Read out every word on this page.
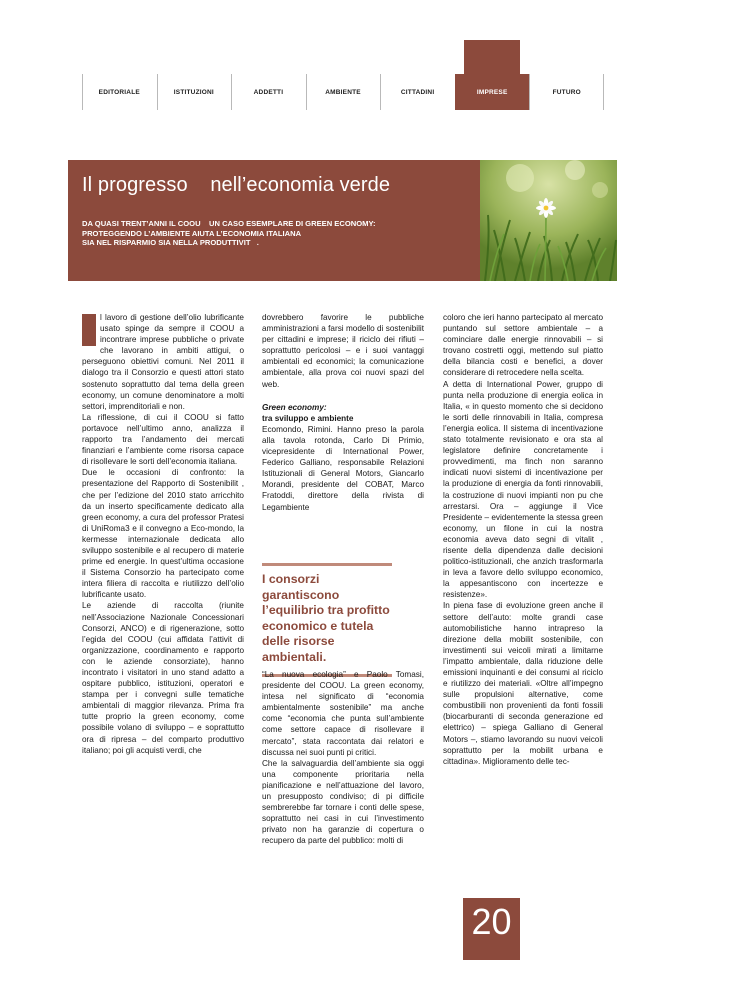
EDITORIALE	ISTITUZIONI	ADDETTI	AMBIENTE	CITTADINI	IMPRESE	FUTURO
Il progresso    nell’economia verde
DA QUASI TRENT’ANNI IL COOU    UN CASO ESEMPLARE DI GREEN ECONOMY:
PROTEGGENDO L’AMBIENTE AIUTA L’ECONOMIA ITALIANA
SIA NEL RISPARMIO SIA NELLA PRODUTTIVIT   .

l lavoro di gestione dell’olio lubrificante usato spinge da sempre il COOU a incontrare imprese pubbliche o private che lavorano in ambiti attigui, o perseguono obiettivi comuni. Nel 2011 il dialogo tra il Consorzio e questi attori stato sostenuto soprattutto dal tema della green economy, un comune denominatore a molti settori, imprenditoriali e non.

La riflessione, di cui il COOU si fatto portavoce nell’ultimo anno, analizza il rapporto tra l’andamento dei mercati finanziari e l’ambiente come risorsa capace di risollevare le sorti dell’economia italiana.

Due le occasioni di confronto: la presentazione del Rapporto di Sostenibilit , che per l’edizione del 2010 stato arricchito da un inserto specificamente dedicato alla green economy, a cura del professor Pratesi di UniRoma3 e il convegno a Eco-mondo, la kermesse internazionale dedicata allo sviluppo sostenibile e al recupero di materie prime ed energie. In quest’ultima occasione il Sistema Consorzio ha partecipato come intera filiera di raccolta e riutilizzo dell’olio lubrificante usato.

Le aziende di raccolta (riunite nell’Associazione Nazionale Concessionari Consorzi, ANCO) e di rigenerazione, sotto l’egida del COOU (cui affidata l’attivit di organizzazione, coordinamento e rapporto con le aziende consorziate), hanno incontrato i visitatori in uno stand adatto a ospitare pubblico, istituzioni, operatori e stampa per i convegni sulle tematiche ambientali di maggior rilevanza. Prima fra tutte proprio la green economy, come possibile volano di sviluppo – e soprattutto ora di ripresa – del comparto produttivo italiano; poi gli acquisti verdi, che

dovrebbero favorire le pubbliche amministrazioni a farsi modello di sostenibilit per cittadini e imprese; il riciclo dei rifiuti – soprattutto pericolosi – e i suoi vantaggi ambientali ed economici; la comunicazione ambientale, alla prova coi nuovi spazi del web.

Green economy:
tra sviluppo e ambiente

Ecomondo, Rimini. Hanno preso la parola alla tavola rotonda, Carlo Di Primio, vicepresidente di International Power, Federico Galliano, responsabile Relazioni Istituzionali di General Motors, Giancarlo Morandi, presidente del COBAT, Marco Fratoddi, direttore della rivista di Legambiente

I consorzi garantiscono l’equilibrio tra profitto economico e tutela delle risorse ambientali.

“La nuova ecologia” e Paolo Tomasi, presidente del COOU. La green economy, intesa nel significato di “economia ambientalmente sostenibile” ma anche come “economia che punta sull’ambiente come settore capace di risollevare il mercato”, stata raccontata dai relatori e discussa nei suoi punti pi critici.

Che la salvaguardia dell’ambiente sia oggi una componente prioritaria nella pianificazione e nell’attuazione del lavoro, un presupposto condiviso; di pi difficile sembrerebbe far tornare i conti delle spese, soprattutto nei casi in cui l’investimento privato non ha garanzie di copertura o recupero da parte del pubblico: molti di

coloro che ieri hanno partecipato al mercato puntando sul settore ambientale – a cominciare dalle energie rinnovabili – si trovano costretti oggi, mettendo sul piatto della bilancia costi e benefici, a dover considerare di retrocedere nella scelta.

A detta di International Power, gruppo di punta nella produzione di energia eolica in Italia, « in questo momento che si decidono le sorti delle rinnovabili in Italia, compresa l’energia eolica. Il sistema di incentivazione stato totalmente revisionato e ora sta al legislatore definire concretamente i provvedimenti, ma finch non saranno indicati nuovi sistemi di incentivazione per la produzione di energia da fonti rinnovabili, la costruzione di nuovi impianti non pu che arrestarsi. Ora – aggiunge il Vice Presidente – evidentemente la stessa green economy, un filone in cui la nostra economia aveva dato segni di vitalit , risente della dipendenza dalle decisioni politico-istituzionali, che anzich trasformarla in leva a favore dello sviluppo economico, la appesantiscono con incertezze e resistenze».

In piena fase di evoluzione green anche il settore dell’auto: molte grandi case automobilistiche hanno intrapreso la direzione della mobilit sostenibile, con investimenti sui veicoli mirati a limitarne l’impatto ambientale, dalla riduzione delle emissioni inquinanti e dei consumi al riciclo e riutilizzo dei materiali. «Oltre all’impegno sulle propulsioni alternative, come combustibili non provenienti da fonti fossili (biocarburanti di seconda generazione ed elettrico) – spiega Galliano di General Motors –, stiamo lavorando su nuovi veicoli soprattutto per la mobilit urbana e cittadina». Miglioramento delle tec-

20
